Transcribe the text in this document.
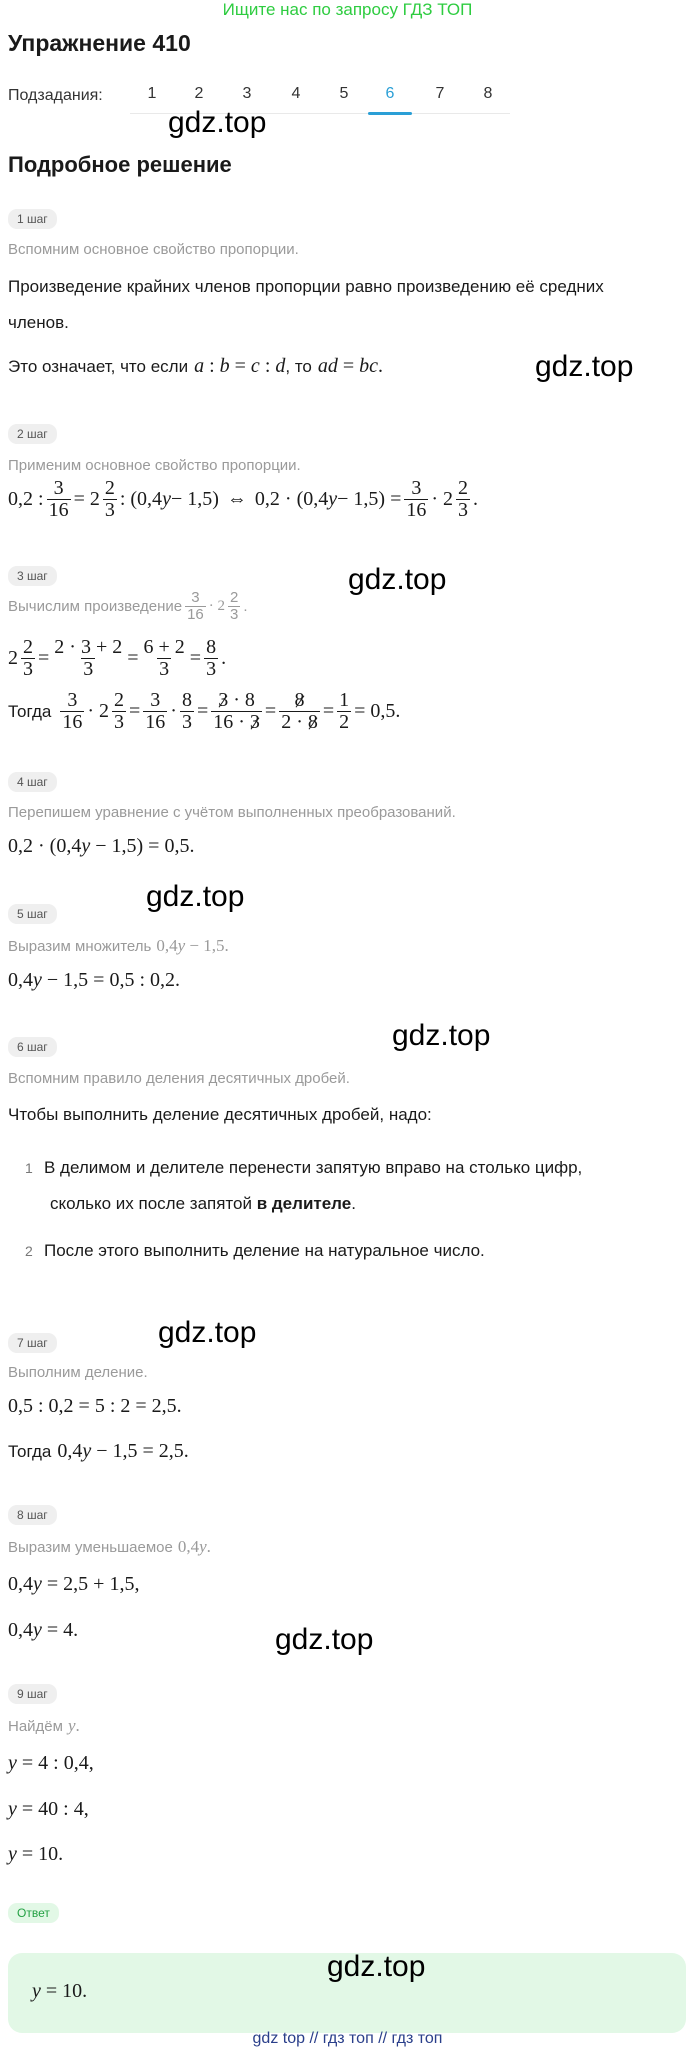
Ищите нас по запросу ГДЗ ТОП
Упражнение 410
Подзадания:	1	2	3	4	5	6	7	8
gdz.top
Подробное решение
1 шаг
Вспомним основное свойство пропорции.
Произведение крайних членов пропорции равно произведению её средних
членов.
Это означает, что если a : b = c : d , то ad = bc.	gdz.top
2 шаг
Применим основное свойство пропорции.
0,2 : $\frac{3}{16} = 2 \frac{2}{3}$ : (0,4 y − 1,5)
⇔
0,2 · (0,4 $y - 1,5) = \frac{3}{16} \cdot 2 \frac{2}{3}$ .
3 шаг	gdz.top
Вычислим произведение $\frac{3}{16} \cdot 2 \frac{2}{3}$ .
$2 \frac{2}{3} = \frac{2 \cdot 3 + 2}{3} = \frac{6 + 2}{3} = \frac{8}{3}$ .
Тогда $\frac{3}{16} \cdot 2 \frac{2}{3} = \frac{3}{16} \cdot \frac{8}{3} = \frac{3 \cdot 8}{16 \cdot 3} = \frac{8}{2 \cdot 8} = \frac{1}{2} = 0,5$.
4 шаг
Перепишем уравнение с учётом выполненных преобразований.
0,2 · (0,4y − 1,5) = 0,5.
gdz.top
5 шаг
Выразим множитель 0,4y − 1,5.
0,4y − 1,5 = 0,5 : 0,2.
gdz.top
6 шаг
Вспомним правило деления десятичных дробей.
Чтобы выполнить деление десятичных дробей, надо:
1 В делимом и делителе перенести запятую вправо на столько цифр,
сколько их после запятой в делителе.
2 После этого выполнить деление на натуральное число.
7 шаг	gdz.top
Выполним деление.
0,5 : 0,2 = 5 : 2 = 2,5.
Тогда 0,4y − 1,5 = 2,5.
8 шаг
Выразим уменьшаемое 0,4y.
0,4y = 2,5 + 1,5,
0,4y = 4.	gdz.top
9 шаг
Найдём y.
y = 4 : 0,4,
y = 40 : 4,
y = 10.
Ответ
y = 10.
gdz.top
gdz top // гдз топ // гдз топ
